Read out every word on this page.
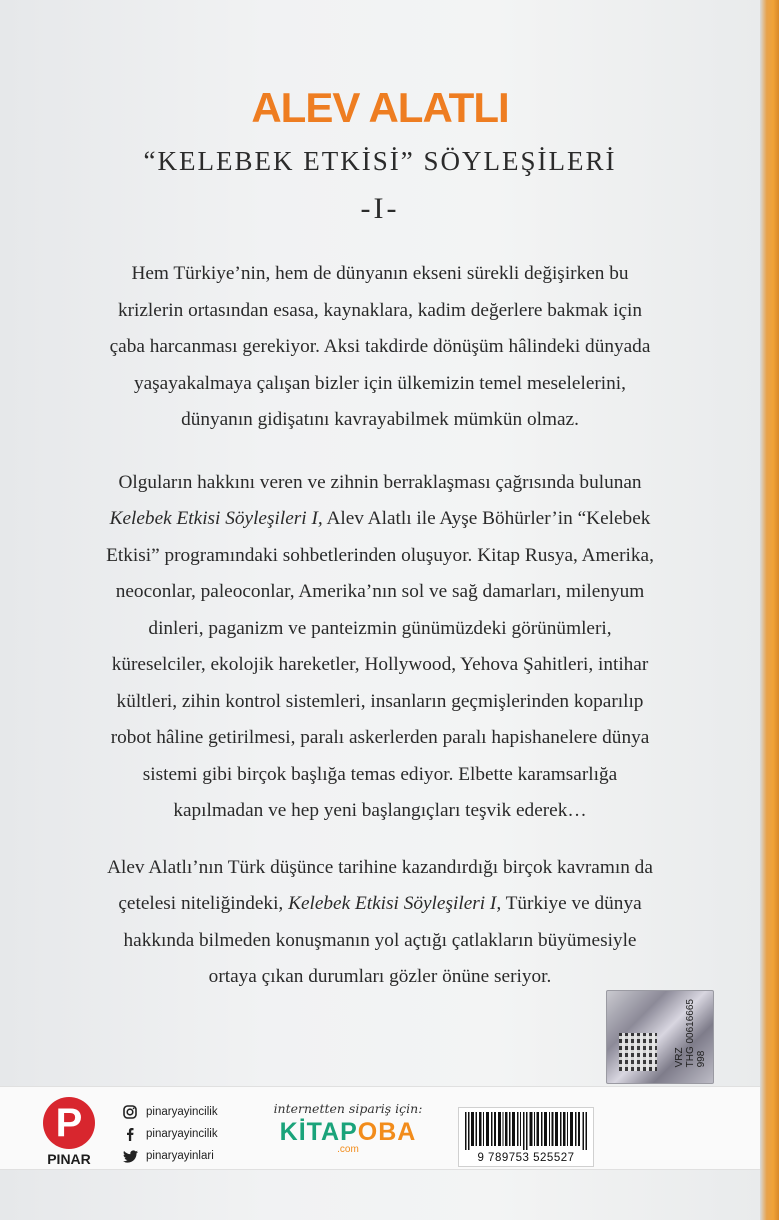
ALEV ALATLI
“KELEBEK ETKİSİ” SÖYLEŞİLERİ
-I-

Hem Türkiye’nin, hem de dünyanın ekseni sürekli değişirken bu
krizlerin ortasından esasa, kaynaklara, kadim değerlere bakmak için
çaba harcanması gerekiyor. Aksi takdirde dönüşüm hâlindeki dünyada
yaşayakalmaya çalışan bizler için ülkemizin temel meselelerini,
dünyanın gidişatını kavrayabilmek mümkün olmaz.

Olguların hakkını veren ve zihnin berraklaşması çağrısında bulunan
Kelebek Etkisi Söyleşileri I, Alev Alatlı ile Ayşe Böhürler’in “Kelebek
Etkisi” programındaki sohbetlerinden oluşuyor. Kitap Rusya, Amerika,
neoconlar, paleoconlar, Amerika’nın sol ve sağ damarları, milenyum
dinleri, paganizm ve panteizmin günümüzdeki görünümleri,
küreselciler, ekolojik hareketler, Hollywood, Yehova Şahitleri, intihar
kültleri, zihin kontrol sistemleri, insanların geçmişlerinden koparılıp
robot hâline getirilmesi, paralı askerlerden paralı hapishanelere dünya
sistemi gibi birçok başlığa temas ediyor. Elbette karamsarlığa
kapılmadan ve hep yeni başlangıçları teşvik ederek…

Alev Alatlı’nın Türk düşünce tarihine kazandırdığı birçok kavramın da
çetelesi niteliğindeki, Kelebek Etkisi Söyleşileri I, Türkiye ve dünya
hakkında bilmeden konuşmanın yol açtığı çatlakların büyümesiyle
ortaya çıkan durumları gözler önüne seriyor.

VRZ
THG 00616665
998
P
PINAR
pinaryayincilik
pinaryayincilik
pinaryayinlari
internetten sipariş için:
KİTAPOBA
.com
9 789753 525527
